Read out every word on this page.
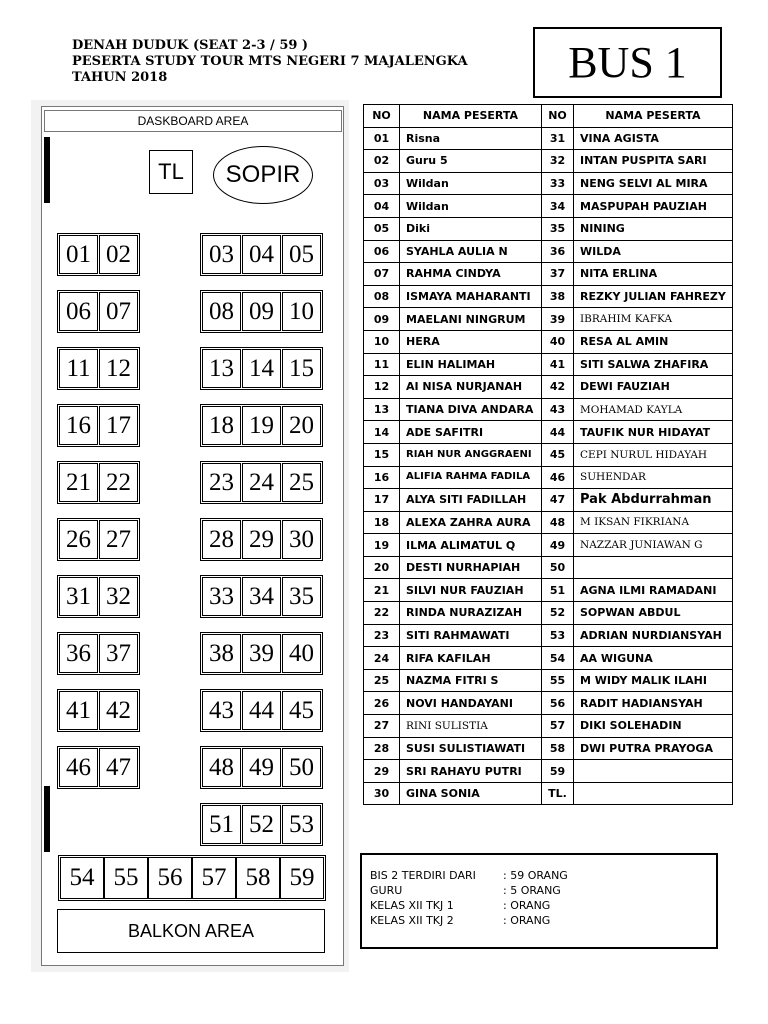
DENAH DUDUK (SEAT 2-3 / 59 )
PESERTA STUDY TOUR MTS NEGERI 7 MAJALENGKA
TAHUN 2018	BUS 1
DASKBOARD AREA
TL	SOPIR
01 02	03 04 05
06 07	08 09 10
11 12	13 14 15
16 17	18 19 20
21 22	23 24 25
26 27	28 29 30
31 32	33 34 35
36 37	38 39 40
41 42	43 44 45
46 47	48 49 50
51 52 53
54 55 56 57 58 59
BALKON AREA
NO	NAMA PESERTA	NO	NAMA PESERTA
01	Risna	31	VINA AGISTA
02	Guru 5	32	INTAN PUSPITA SARI
03	Wildan	33	NENG SELVI AL MIRA
04	Wildan	34	MASPUPAH PAUZIAH
05	Diki	35	NINING
06	SYAHLA AULIA N	36	WILDA
07	RAHMA CINDYA	37	NITA ERLINA
08	ISMAYA MAHARANTI	38	REZKY JULIAN FAHREZY
09	MAELANI NINGRUM	39	IBRAHIM KAFKA
10	HERA	40	RESA AL AMIN
11	ELIN HALIMAH	41	SITI SALWA ZHAFIRA
12	AI NISA NURJANAH	42	DEWI FAUZIAH
13	TIANA DIVA ANDARA	43	MOHAMAD KAYLA
14	ADE SAFITRI	44	TAUFIK NUR HIDAYAT
15	RIAH NUR ANGGRAENI	45	CEPI NURUL HIDAYAH
16	ALIFIA RAHMA FADILA	46	SUHENDAR
17	ALYA SITI FADILLAH	47	Pak Abdurrahman
18	ALEXA ZAHRA AURA	48	M IKSAN FIKRIANA
19	ILMA ALIMATUL Q	49	NAZZAR JUNIAWAN G
20	DESTI NURHAPIAH	50	
21	SILVI NUR FAUZIAH	51	AGNA ILMI RAMADANI
22	RINDA NURAZIZAH	52	SOPWAN ABDUL
23	SITI RAHMAWATI	53	ADRIAN NURDIANSYAH
24	RIFA KAFILAH	54	AA WIGUNA
25	NAZMA FITRI S	55	M WIDY MALIK ILAHI
26	NOVI HANDAYANI	56	RADIT HADIANSYAH
27	RINI SULISTIA	57	DIKI SOLEHADIN
28	SUSI SULISTIAWATI	58	DWI PUTRA PRAYOGA
29	SRI RAHAYU PUTRI	59	
30	GINA SONIA	TL.	
BIS 2 TERDIRI DARI : 59 ORANG
GURU	: 5 ORANG
KELAS XII TKJ 1	: ORANG
KELAS XII TKJ 2	: ORANG
